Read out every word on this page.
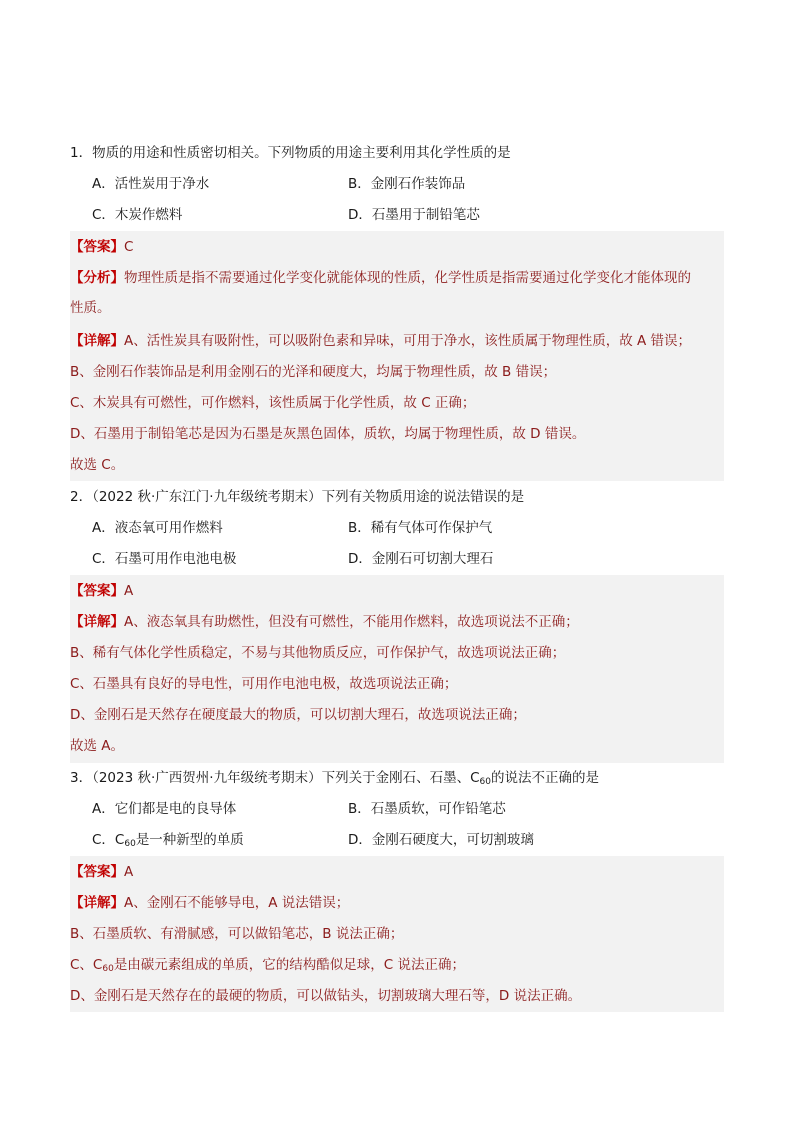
1．物质的用途和性质密切相关。下列物质的用途主要利用其化学性质的是
A．活性炭用于净水	B．金刚石作装饰品
C．木炭作燃料	D．石墨用于制铅笔芯
【答案】C
【分析】物理性质是指不需要通过化学变化就能体现的性质，化学性质是指需要通过化学变化才能体现的
性质。
【详解】A、活性炭具有吸附性，可以吸附色素和异味，可用于净水，该性质属于物理性质，故 A 错误；
B、金刚石作装饰品是利用金刚石的光泽和硬度大，均属于物理性质，故 B 错误；
C、木炭具有可燃性，可作燃料，该性质属于化学性质，故 C 正确；
D、石墨用于制铅笔芯是因为石墨是灰黑色固体，质软，均属于物理性质，故 D 错误。
故选 C。
2．（2022 秋·广东江门·九年级统考期末）下列有关物质用途的说法错误的是
A．液态氧可用作燃料	B．稀有气体可作保护气
C．石墨可用作电池电极	D．金刚石可切割大理石
【答案】A
【详解】A、液态氧具有助燃性，但没有可燃性，不能用作燃料，故选项说法不正确；
B、稀有气体化学性质稳定，不易与其他物质反应，可作保护气，故选项说法正确；
C、石墨具有良好的导电性，可用作电池电极，故选项说法正确；
D、金刚石是天然存在硬度最大的物质，可以切割大理石，故选项说法正确；
故选 A。
3．（2023 秋·广西贺州·九年级统考期末）下列关于金刚石、石墨、$C_{60}$的说法不正确的是
A．它们都是电的良导体	B．石墨质软，可作铅笔芯
C．$C_{60}$是一种新型的单质	D．金刚石硬度大，可切割玻璃
【答案】A
【详解】A、金刚石不能够导电，A 说法错误；
B、石墨质软、有滑腻感，可以做铅笔芯，B 说法正确；
C、$C_{60}$是由碳元素组成的单质，它的结构酷似足球，C 说法正确；
D、金刚石是天然存在的最硬的物质，可以做钻头，切割玻璃大理石等，D 说法正确。
